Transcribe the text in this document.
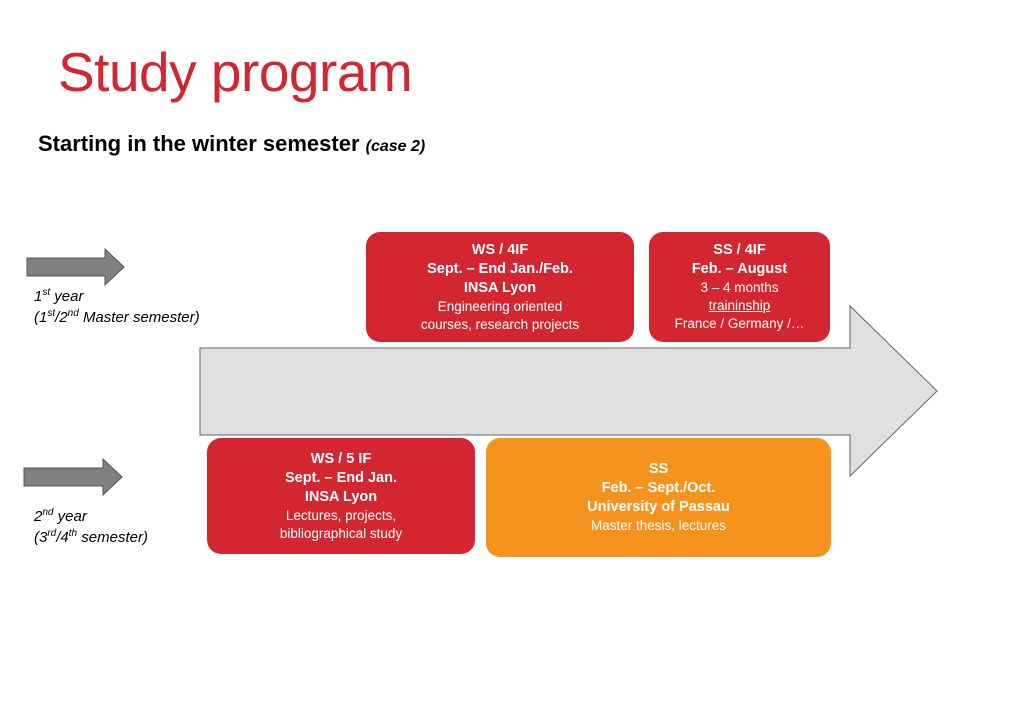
Study program
Starting in the winter semester (case 2)
1st year
(1st/2nd Master semester)
2nd year
(3rd/4th semester)
WS / 4IF
Sept. – End Jan./Feb.
INSA Lyon
Engineering oriented
courses, research projects
SS / 4IF
Feb. – August
3 – 4 months
traininship
France / Germany /…
WS / 5 IF
Sept. – End Jan.
INSA Lyon
Lectures, projects,
bibliographical study
SS
Feb. – Sept./Oct.
University of Passau
Master thesis, lectures
